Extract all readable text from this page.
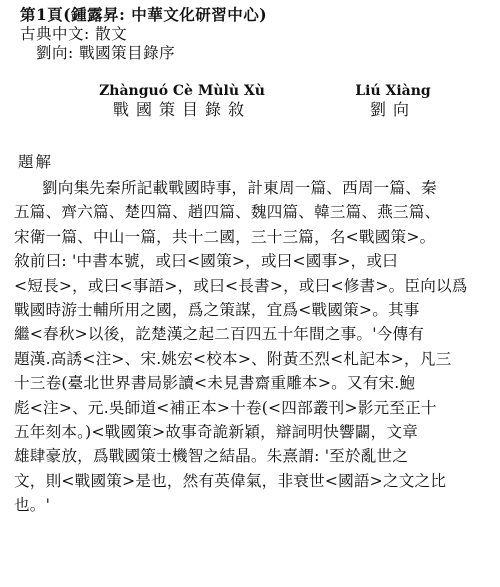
第1頁(鍾露昇: 中華文化研習中心)
古典中文: 散文
劉向: 戰國策目錄序
Zhànguó Cè Mùlù Xù
戰國策目錄敘
Liú Xiàng
劉向
題解
劉向集先秦所記載戰國時事，計東周一篇、西周一篇、秦
五篇、齊六篇、楚四篇、趙四篇、魏四篇、韓三篇、燕三篇、
宋衛一篇、中山一篇，共十二國，三十三篇，名<戰國策>。
敘前曰: '中書本號，或曰<國策>，或曰<國事>，或曰
<短長>，或曰<事語>，或曰<長書>，或曰<修書>。臣向以爲
戰國時游士輔所用之國，爲之策謀，宜爲<戰國策>。其事
繼<春秋>以後，訖楚漢之起二百四五十年間之事。'今傳有
題漢.高誘<注>、宋.姚宏<校本>、附黃丕烈<札記本>，凡三
十三卷(臺北世界書局影讀<未見書齋重雕本>。又有宋.鮑
彪<注>、元.吳師道<補正本>十卷(<四部叢刊>影元至正十
五年刻本。)<戰國策>故事奇詭新穎，辯詞明快響闢，文章
雄肆豪放，爲戰國策士機智之結晶。朱熹謂: '至於亂世之
文，則<戰國策>是也，然有英偉氣，非衰世<國語>之文之比
也。'
